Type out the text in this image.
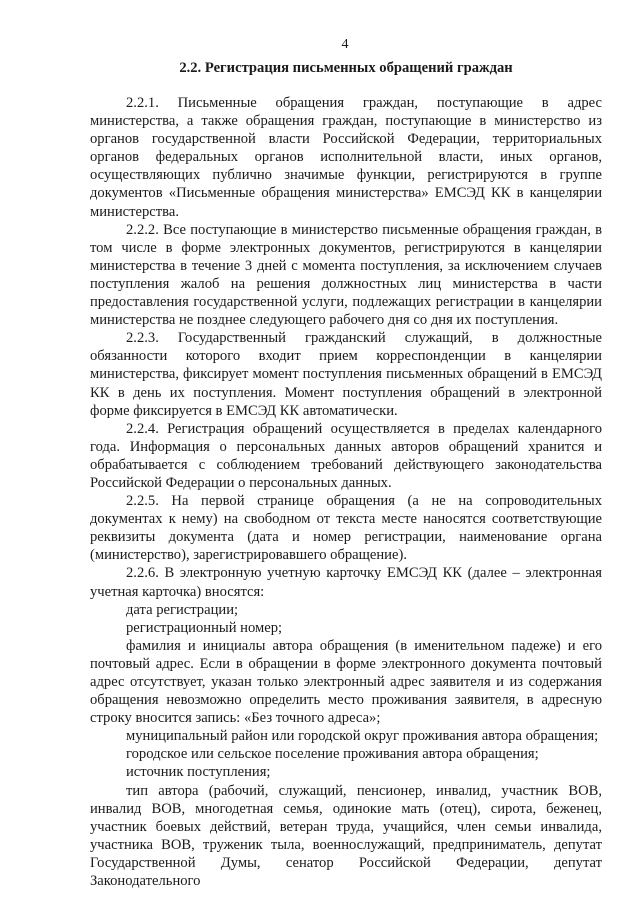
4
2.2. Регистрация письменных обращений граждан

2.2.1. Письменные обращения граждан, поступающие в адрес министерства, а также обращения граждан, поступающие в министерство из органов государственной власти Российской Федерации, территориальных органов федеральных органов исполнительной власти, иных органов, осуществляющих публично значимые функции, регистрируются в группе документов «Письменные обращения министерства» ЕМСЭД КК в канцелярии министерства.

2.2.2. Все поступающие в министерство письменные обращения граждан, в том числе в форме электронных документов, регистрируются в канцелярии министерства в течение 3 дней с момента поступления, за исключением случаев поступления жалоб на решения должностных лиц министерства в части предоставления государственной услуги, подлежащих регистрации в канцелярии министерства не позднее следующего рабочего дня со дня их поступления.

2.2.3. Государственный гражданский служащий, в должностные обязанности которого входит прием корреспонденции в канцелярии министерства, фиксирует момент поступления письменных обращений в ЕМСЭД КК в день их поступления. Момент поступления обращений в электронной форме фиксируется в ЕМСЭД КК автоматически.

2.2.4. Регистрация обращений осуществляется в пределах календарного года. Информация о персональных данных авторов обращений хранится и обрабатывается с соблюдением требований действующего законодательства Российской Федерации о персональных данных.

2.2.5. На первой странице обращения (а не на сопроводительных документах к нему) на свободном от текста месте наносятся соответствующие реквизиты документа (дата и номер регистрации, наименование органа (министерство), зарегистрировавшего обращение).

2.2.6. В электронную учетную карточку ЕМСЭД КК (далее – электронная учетная карточка) вносятся:

дата регистрации;

регистрационный номер;

фамилия и инициалы автора обращения (в именительном падеже) и его почтовый адрес. Если в обращении в форме электронного документа почтовый адрес отсутствует, указан только электронный адрес заявителя и из содержания обращения невозможно определить место проживания заявителя, в адресную строку вносится запись: «Без точного адреса»;

муниципальный район или городской округ проживания автора обращения;

городское или сельское поселение проживания автора обращения;

источник поступления;

тип автора (рабочий, служащий, пенсионер, инвалид, участник ВОВ, инвалид ВОВ, многодетная семья, одинокие мать (отец), сирота, беженец, участник боевых действий, ветеран труда, учащийся, член семьи инвалида, участника ВОВ, труженик тыла, военнослужащий, предприниматель, депутат Государственной Думы, сенатор Российской Федерации, депутат Законодательного
